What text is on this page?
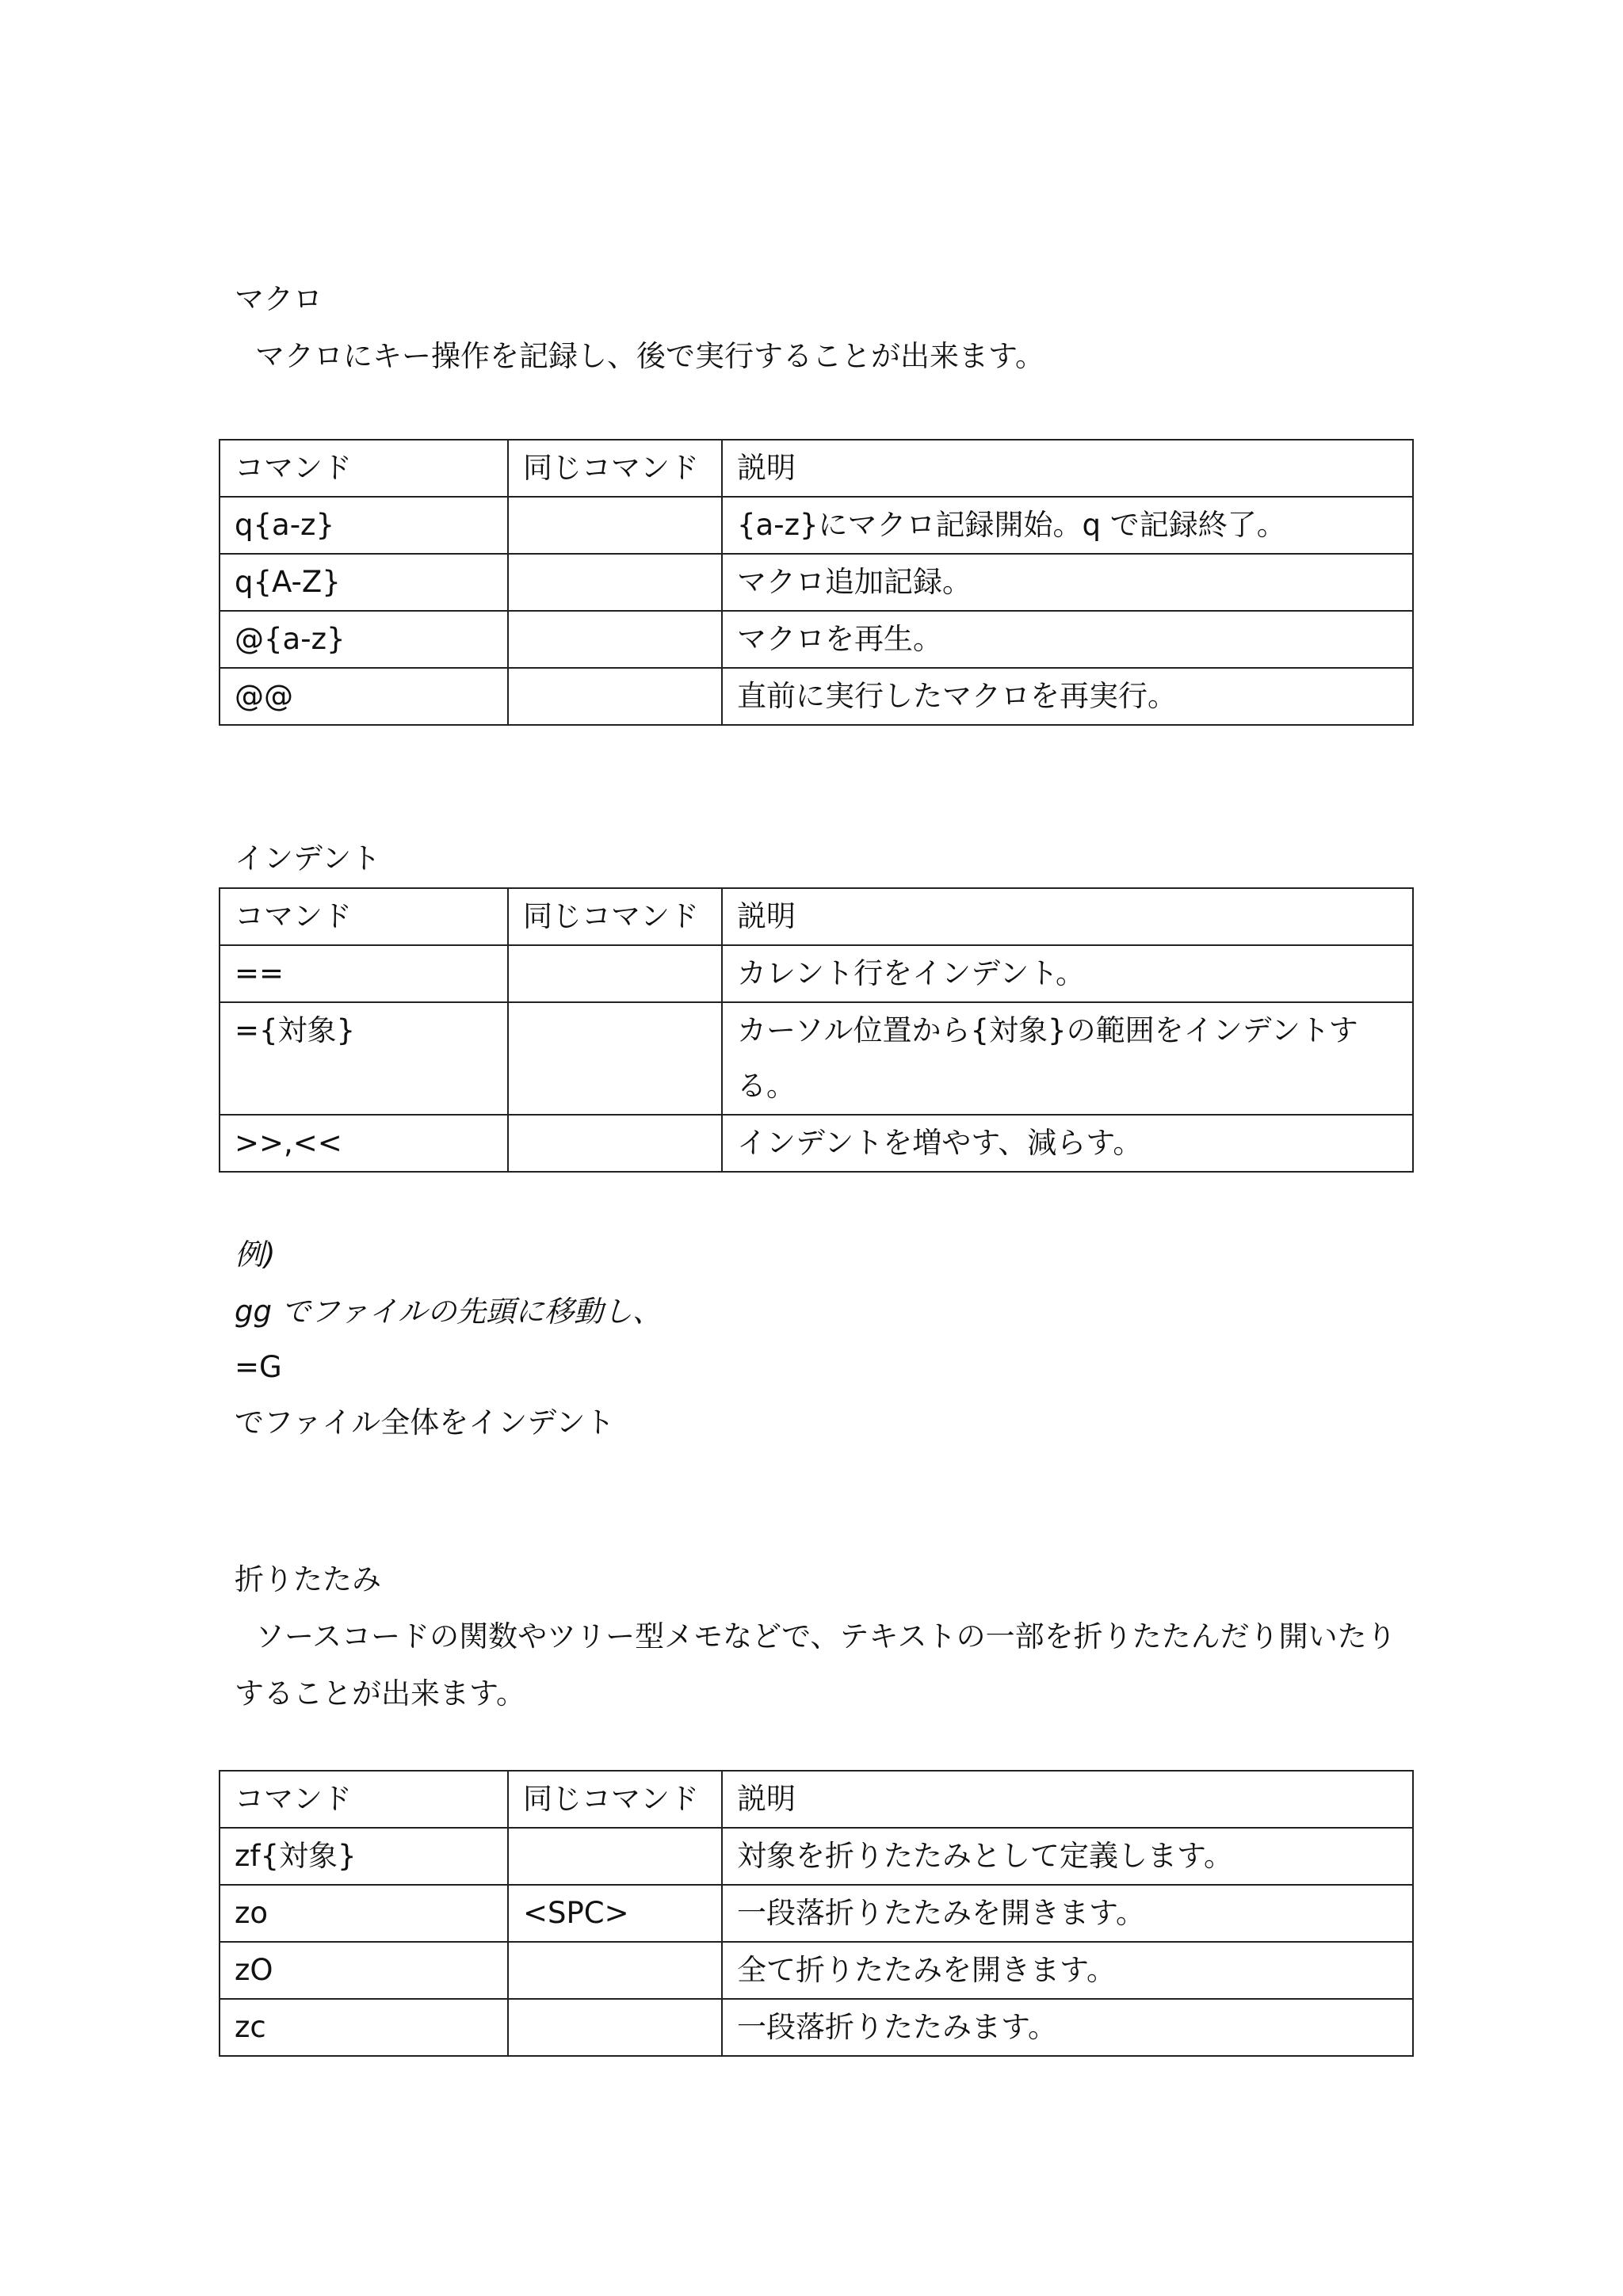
マクロ

マクロにキー操作を記録し、後で実行することが出来ます。

コマンド	同じコマンド	説明
q{a-z}		{a-z}にマクロ記録開始。q で記録終了。
q{A-Z}		マクロ追加記録。
@{a-z}		マクロを再生。
@@		直前に実行したマクロを再実行。

インデント

コマンド	同じコマンド	説明
==		カレント行をインデント。
={対象}		カーソル位置から{対象}の範囲をインデントする。
>>,<<		インデントを増やす、減らす。

例)

gg でファイルの先頭に移動し、

=G

でファイル全体をインデント

折りたたみ

ソースコードの関数やツリー型メモなどで、テキストの一部を折りたたんだり開いたりすることが出来ます。

コマンド	同じコマンド	説明
zf{対象}		対象を折りたたみとして定義します。
zo	<SPC>	一段落折りたたみを開きます。
zO		全て折りたたみを開きます。
zc		一段落折りたたみます。
